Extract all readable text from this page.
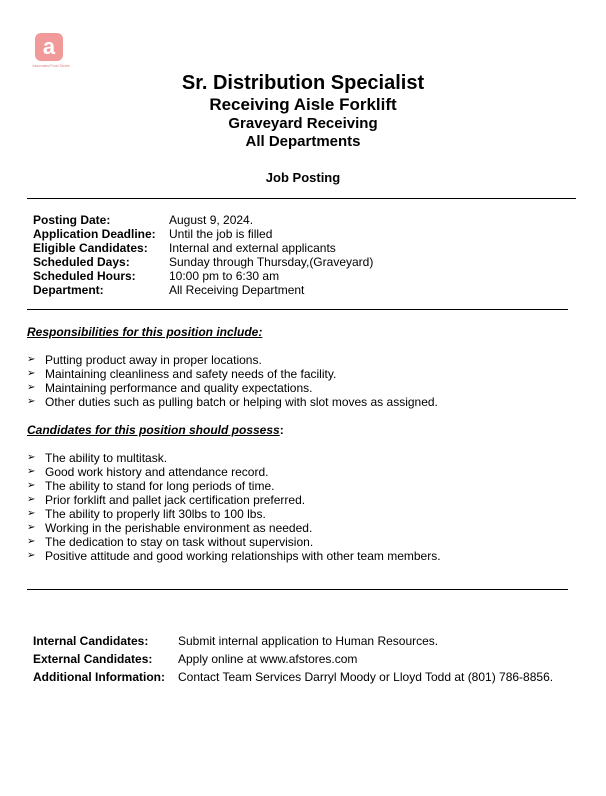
a
Associated Food Stores
Sr. Distribution Specialist
Receiving Aisle Forklift
Graveyard Receiving
All Departments
Job Posting
Posting Date:	August 9, 2024.
Application Deadline:	Until the job is filled
Eligible Candidates:	Internal and external applicants
Scheduled Days:	Sunday through Thursday,(Graveyard)
Scheduled Hours:	10:00 pm to 6:30 am
Department:	All Receiving Department
Responsibilities for this position include:
➢ Putting product away in proper locations.
➢ Maintaining cleanliness and safety needs of the facility.
➢ Maintaining performance and quality expectations.
➢ Other duties such as pulling batch or helping with slot moves as assigned.
Candidates for this position should possess:
➢ The ability to multitask.
➢ Good work history and attendance record.
➢ The ability to stand for long periods of time.
➢ Prior forklift and pallet jack certification preferred.
➢ The ability to properly lift 30lbs to 100 lbs.
➢ Working in the perishable environment as needed.
➢ The dedication to stay on task without supervision.
➢ Positive attitude and good working relationships with other team members.
Internal Candidates:	Submit internal application to Human Resources.
External Candidates:	Apply online at www.afstores.com
Additional Information:	Contact Team Services Darryl Moody or Lloyd Todd at (801) 786-8856.
